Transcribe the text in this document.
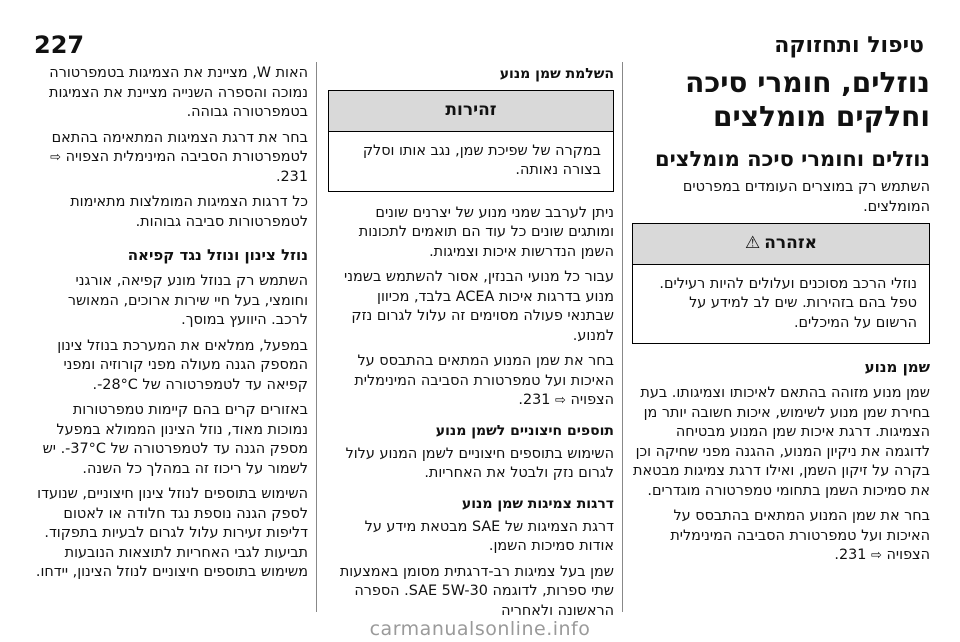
טיפול ותחזוקה
227
נוזלים, חומרי סיכה וחלקים מומלצים
נוזלים וחומרי סיכה מומלצים

השתמש רק במוצרים העומדים במפרטים המומלצים.

אזהרה
⚠
נוזלי הרכב מסוכנים ועלולים להיות רעילים. טפל בהם בזהירות. שים לב למידע על הרשום על המיכלים.
שמן מנוע

שמן מנוע מזוהה בהתאם לאיכותו וצמיגותו. בעת בחירת שמן מנוע לשימוש, איכות חשובה יותר מן הצמיגות. דרגת איכות שמן המנוע מבטיחה לדוגמה את ניקיון המנוע, ההגנה מפני שחיקה וכן בקרה על זיקון השמן, ואילו דרגת צמיגות מבטאת את סמיכות השמן בתחומי טמפרטורה מוגדרים.

בחר את שמן המנוע המתאים בהתבסס על האיכות ועל טמפרטורת הסביבה המינימלית הצפויה ⇨ 231.

השלמת שמן מנוע
זהירות
במקרה של שפיכת שמן, נגב אותו וסלק בצורה נאותה.

ניתן לערבב שמני מנוע של יצרנים שונים ומותגים שונים כל עוד הם תואמים לתכונות השמן הנדרשות איכות וצמיגות.

עבור כל מנועי הבנזין, אסור להשתמש בשמני מנוע בדרגות איכות ACEA בלבד, מכיוון שבתנאי פעולה מסוימים זה עלול לגרום נזק למנוע.

בחר את שמן המנוע המתאים בהתבסס על האיכות ועל טמפרטורת הסביבה המינימלית הצפויה ⇨ 231.

תוספים חיצוניים לשמן מנוע

השימוש בתוספים חיצוניים לשמן המנוע עלול לגרום נזק ולבטל את האחריות.

דרגות צמיגות שמן מנוע

דרגת הצמיגות של SAE מבטאת מידע על אודות סמיכות השמן.

שמן בעל צמיגות רב-דרגתית מסומן באמצעות שתי ספרות, לדוגמה SAE 5W-30. הספרה הראשונה ולאחריה

האות W, מציינת את הצמיגות בטמפרטורה נמוכה והספרה השנייה מציינת את הצמיגות בטמפרטורה גבוהה.

בחר את דרגת הצמיגות המתאימה בהתאם לטמפרטורת הסביבה המינימלית הצפויה ⇨ 231.

כל דרגות הצמיגות המומלצות מתאימות לטמפרטורות סביבה גבוהות.

נוזל צינון ונוזל נגד קפיאה

השתמש רק בנוזל מונע קפיאה, אורגני וחומצי, בעל חיי שירות ארוכים, המאושר לרכב. היוועץ במוסך.

במפעל, ממלאים את המערכת בנוזל צינון המספק הגנה מעולה מפני קורוזיה ומפני קפיאה עד לטמפרטורה של ‎-28°C.

באזורים קרים בהם קיימות טמפרטורות נמוכות מאוד, נוזל הצינון הממולא במפעל מספק הגנה עד לטמפרטורה של ‎-37°C. יש לשמור על ריכוז זה במהלך כל השנה.

השימוש בתוספים לנוזל צינון חיצוניים, שנועדו לספק הגנה נוספת נגד חלודה או לאטום דליפות זעירות עלול לגרום לבעיות בתפקוד. תביעות לגבי האחריות לתוצאות הנובעות משימוש בתוספים חיצוניים לנוזל הצינון, יידחו.

carmanualsonline.info
